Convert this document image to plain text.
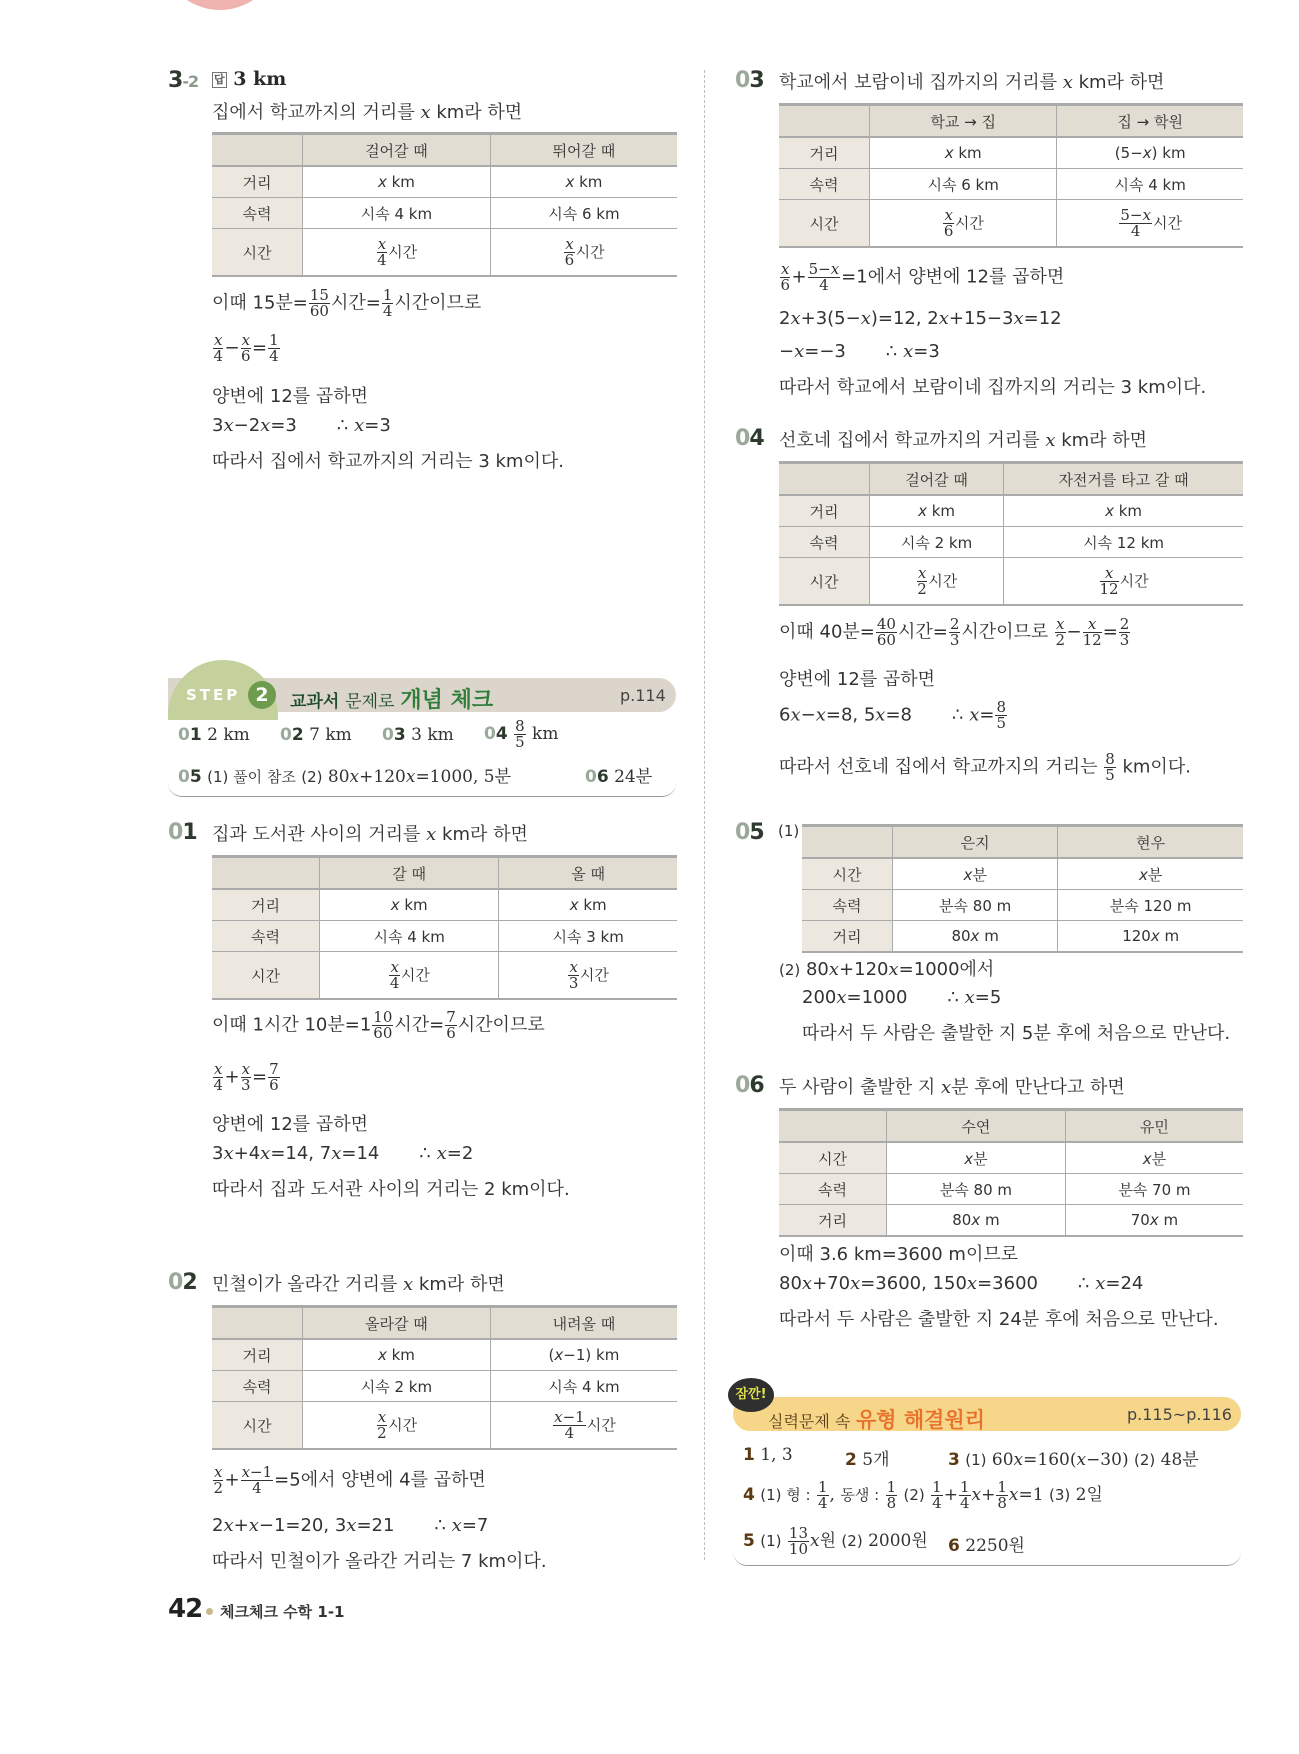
3-2 답 3 km
집에서 학교까지의 거리를 x km라 하면
	걸어갈 때	뛰어갈 때
거리	x km	x km
속력	시속 4 km	시속 6 km
시간	$\frac{x}{4}$ 시간	$\frac{x}{6}$ 시간
이때 15분= $\frac{15}{60}$ 시간= $\frac{1}{4}$ 시간이므로
$\frac{x}{4} - \frac{x}{6} = \frac{1}{4}$
양변에 12를 곱하면
3x−2x=3       ∴ x=3
따라서 집에서 학교까지의 거리는 3 km이다.
STEP 2	교과서 문제로 개념 체크	p.114
01 2 km 02 7 km 03 3 km $04 \frac{8}{5}$ km
05 (1) 풀이 참조 (2) 80x+120x=1000, 5분	06 24분
01 집과 도서관 사이의 거리를 x km라 하면
	갈 때	올 때
거리	x km	x km
속력	시속 4 km	시속 3 km
시간	$\frac{x}{4}$ 시간	$\frac{x}{3}$ 시간
이때 1시간 10분$=1 \frac{10}{60}$ 시간= $\frac{7}{6}$ 시간이므로
$\frac{x}{4} + \frac{x}{3} = \frac{7}{6}$
양변에 12를 곱하면
3x+4x=14, 7x=14       ∴ x=2
따라서 집과 도서관 사이의 거리는 2 km이다.
02 민철이가 올라간 거리를 x km라 하면
	올라갈 때	내려올 때
거리	x km	(x−1) km
속력	시속 2 km	시속 4 km
시간	$\frac{x}{2}$ 시간	$\frac{x-1}{4}$ 시간
$\frac{x}{2} + \frac{x-1}{4} =5$에서 양변에 4를 곱하면
2x+x−1=20, 3x=21       ∴ x=7
따라서 민철이가 올라간 거리는 7 km이다.
03 학교에서 보람이네 집까지의 거리를 x km라 하면
	학교 → 집	집 → 학원
거리	x km	(5−x) km
속력	시속 6 km	시속 4 km
시간	$\frac{x}{6}$ 시간	$\frac{5-x}{4}$ 시간
$\frac{x}{6} + \frac{5-x}{4} =1$에서 양변에 12를 곱하면
2x+3(5−x)=12, 2x+15−3x=12
−x=−3       ∴ x=3
따라서 학교에서 보람이네 집까지의 거리는 3 km이다.
04 선호네 집에서 학교까지의 거리를 x km라 하면
	걸어갈 때	자전거를 타고 갈 때
거리	x km	x km
속력	시속 2 km	시속 12 km
시간	$\frac{x}{2}$ 시간	$\frac{x}{12}$ 시간
이때 40분= $\frac{40}{60}$ 시간= $\frac{2}{3}$ 시간이므로 $\frac{x}{2} - \frac{x}{12} = \frac{2}{3}$
양변에 12를 곱하면
6x−x=8, 5x=8       ∴ $x= \frac{8}{5}$
따라서 선호네 집에서 학교까지의 거리는 $\frac{8}{5}$ km이다.
05 (1)
	은지	현우
시간	x분	x분
속력	분속 80 m	분속 120 m
거리	80x m	120x m
(2) 80x+120x=1000에서
200x=1000       ∴ x=5
따라서 두 사람은 출발한 지 5분 후에 처음으로 만난다.
06 두 사람이 출발한 지 x분 후에 만난다고 하면
	수연	유민
시간	x분	x분
속력	분속 80 m	분속 70 m
거리	80x m	70x m
이때 3.6 km=3600 m이므로
80x+70x=3600, 150x=3600       ∴ x=24
따라서 두 사람은 출발한 지 24분 후에 처음으로 만난다.
잠깐!
실력문제 속 유형 해결원리	p.115~p.116
1 1, 3	2 5개	3 (1) 60x=160(x−30) (2) 48분
4 (1) 형 : $\frac{1}{4}$ , 동생 : $\frac{1}{8} (2) \frac{1}{4} + \frac{1}{4} x+ \frac{1}{8} x=1$ (3) 2일
5 $(1) \frac{13}{10}$ x원 (2) 2000원 6 2250원
42 체크체크 수학 1-1
